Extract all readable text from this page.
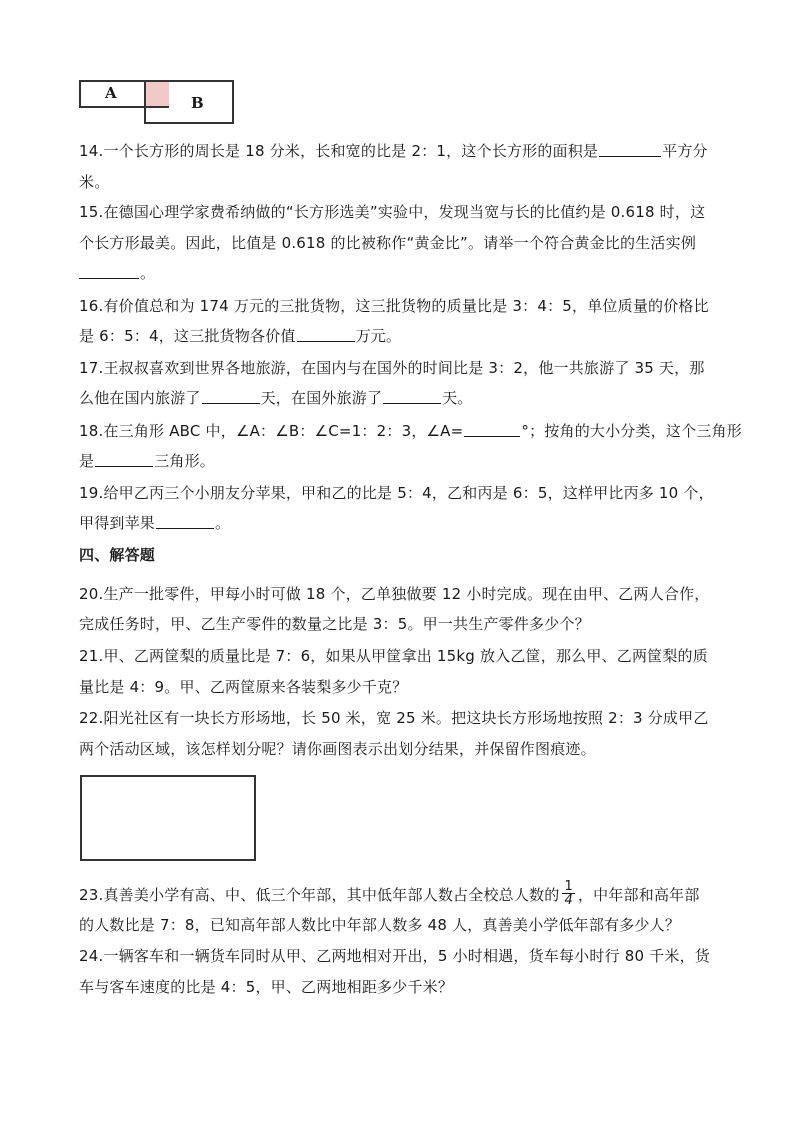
A
B
14.一个长方形的周长是 18 分米，长和宽的比是 2：1，这个长方形的面积是	平方分
米。
15.在德国心理学家费希纳做的“长方形选美”实验中，发现当宽与长的比值约是 0.618 时，这
个长方形最美。因此，比值是 0.618 的比被称作“黄金比”。请举一个符合黄金比的生活实例
。
16.有价值总和为 174 万元的三批货物，这三批货物的质量比是 3：4：5，单位质量的价格比
是 6：5：4，这三批货物各价值	万元。
17.王叔叔喜欢到世界各地旅游，在国内与在国外的时间比是 3：2，他一共旅游了 35 天，那
么他在国内旅游了	天，在国外旅游了	天。
18.在三角形 ABC 中，∠A：∠B：∠C=1：2：3，∠A=	°；按角的大小分类，这个三角形
是	三角形。
19.给甲乙丙三个小朋友分苹果，甲和乙的比是 5：4，乙和丙是 6：5，这样甲比丙多 10 个，
甲得到苹果	。
四、解答题
20.生产一批零件，甲每小时可做 18 个，乙单独做要 12 小时完成。现在由甲、乙两人合作，
完成任务时，甲、乙生产零件的数量之比是 3：5。甲一共生产零件多少个？
21.甲、乙两筐梨的质量比是 7：6，如果从甲筐拿出 15kg 放入乙筐，那么甲、乙两筐梨的质
量比是 4：9。甲、乙两筐原来各装梨多少千克？
22.阳光社区有一块长方形场地，长 50 米，宽 25 米。把这块长方形场地按照 2：3 分成甲乙
两个活动区域，该怎样划分呢？请你画图表示出划分结果，并保留作图痕迹。
23.真善美小学有高、中、低三个年部，其中低年部人数占全校总人数的 $\frac{1}{4}$ ，中年部和高年部
的人数比是 7：8，已知高年部人数比中年部人数多 48 人，真善美小学低年部有多少人？
24.一辆客车和一辆货车同时从甲、乙两地相对开出，5 小时相遇，货车每小时行 80 千米，货
车与客车速度的比是 4：5，甲、乙两地相距多少千米？
